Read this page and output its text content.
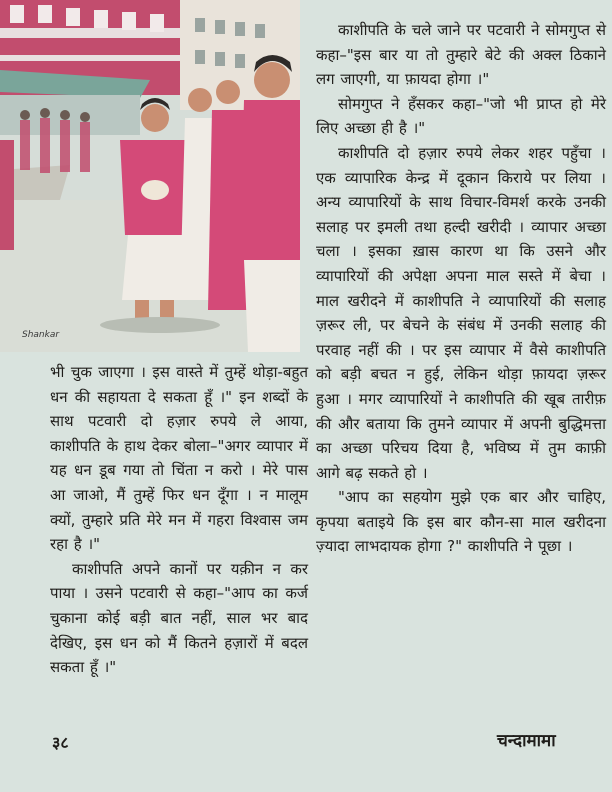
Shankar

काशीपति के चले जाने पर पटवारी ने सोमगुप्त से कहा–"इस बार या तो तुम्हारे बेटे की अक्ल ठिकाने लग जाएगी, या फ़ायदा होगा ।"

सोमगुप्त ने हँसकर कहा–"जो भी प्राप्त हो मेरे लिए अच्छा ही है ।"

काशीपति दो हज़ार रुपये लेकर शहर पहुँचा । एक व्यापारिक केन्द्र में दूकान किराये पर लिया । अन्य व्यापारियों के साथ विचार-विमर्श करके उनकी सलाह पर इमली तथा हल्दी खरीदी । व्यापार अच्छा चला । इसका ख़ास कारण था कि उसने और व्यापारियों की अपेक्षा अपना माल सस्ते में बेचा । माल खरीदने में काशीपति ने व्यापारियों की सलाह ज़रूर ली, पर बेचने के संबंध में उनकी सलाह की परवाह नहीं की । पर इस व्यापार में वैसे काशीपति को बड़ी बचत न हुई, लेकिन थोड़ा फ़ायदा ज़रूर हुआ । मगर व्यापारियों ने काशीपति की खूब तारीफ़ की और बताया कि तुमने व्यापार में अपनी बुद्धिमत्ता का अच्छा परिचय दिया है, भविष्य में तुम काफ़ी आगे बढ़ सकते हो ।

"आप का सहयोग मुझे एक बार और चाहिए, कृपया बताइये कि इस बार कौन-सा माल खरीदना ज़्यादा लाभदायक होगा ?" काशीपति ने पूछा ।

भी चुक जाएगा । इस वास्ते में तुम्हें थोड़ा-बहुत धन की सहायता दे सकता हूँ ।" इन शब्दों के साथ पटवारी दो हज़ार रुपये ले आया, काशीपति के हाथ देकर बोला–"अगर व्यापार में यह धन डूब गया तो चिंता न करो । मेरे पास आ जाओ, मैं तुम्हें फिर धन दूँगा । न मालूम क्यों, तुम्हारे प्रति मेरे मन में गहरा विश्वास जम रहा है ।"

काशीपति अपने कानों पर यक़ीन न कर पाया । उसने पटवारी से कहा–"आप का कर्ज चुकाना कोई बड़ी बात नहीं, साल भर बाद देखिए, इस धन को मैं कितने हज़ारों में बदल सकता हूँ ।"

३८	चन्दामामा
